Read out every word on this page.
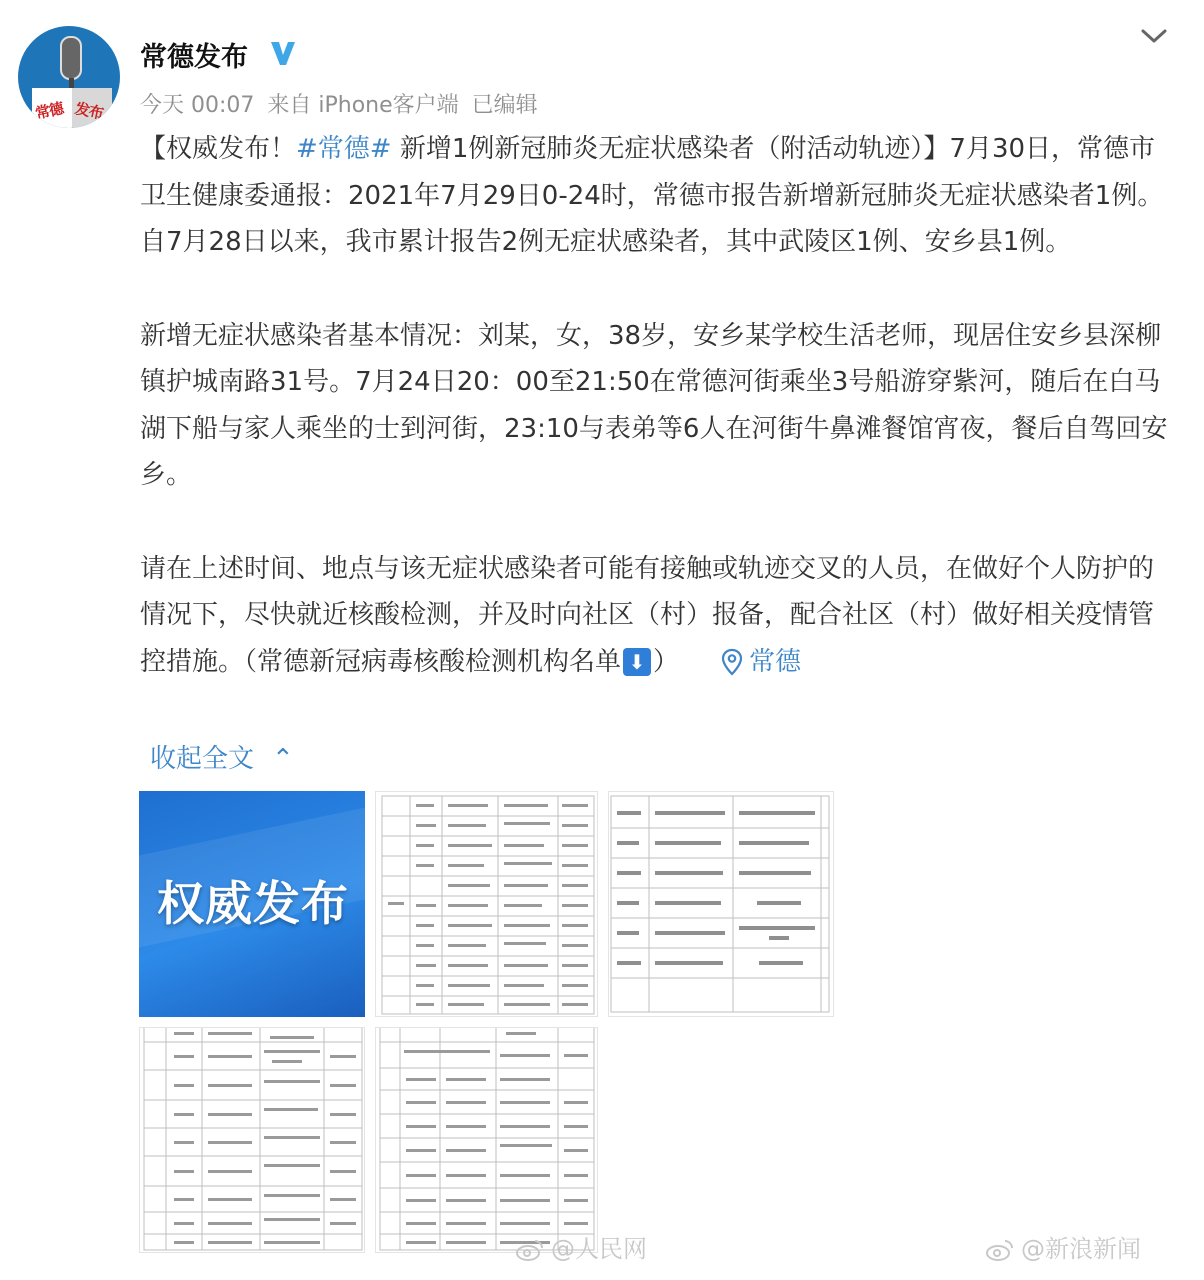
常德 发布
常德发布
今天 00:07 来自 iPhone客户端 已编辑

【权威发布！#常德# 新增1例新冠肺炎无症状感染者（附活动轨迹）】7月30日，常德市卫生健康委通报：2021年7月29日0-24时，常德市报告新增新冠肺炎无症状感染者1例。自7月28日以来，我市累计报告2例无症状感染者，其中武陵区1例、安乡县1例。

新增无症状感染者基本情况：刘某，女，38岁，安乡某学校生活老师，现居住安乡县深柳镇护城南路31号。7月24日20：00至21:50在常德河街乘坐3号船游穿紫河，随后在白马湖下船与家人乘坐的士到河街，23:10与表弟等6人在河街牛鼻滩餐馆宵夜，餐后自驾回安乡。

请在上述时间、地点与该无症状感染者可能有接触或轨迹交叉的人员，在做好个人防护的情况下，尽快就近核酸检测，并及时向社区（村）报备，配合社区（村）做好相关疫情管控措施。（常德新冠病毒核酸检测机构名单 ⬇ ）	常德

收起全文 ⌃
权威发布
@人民网	@新浪新闻
